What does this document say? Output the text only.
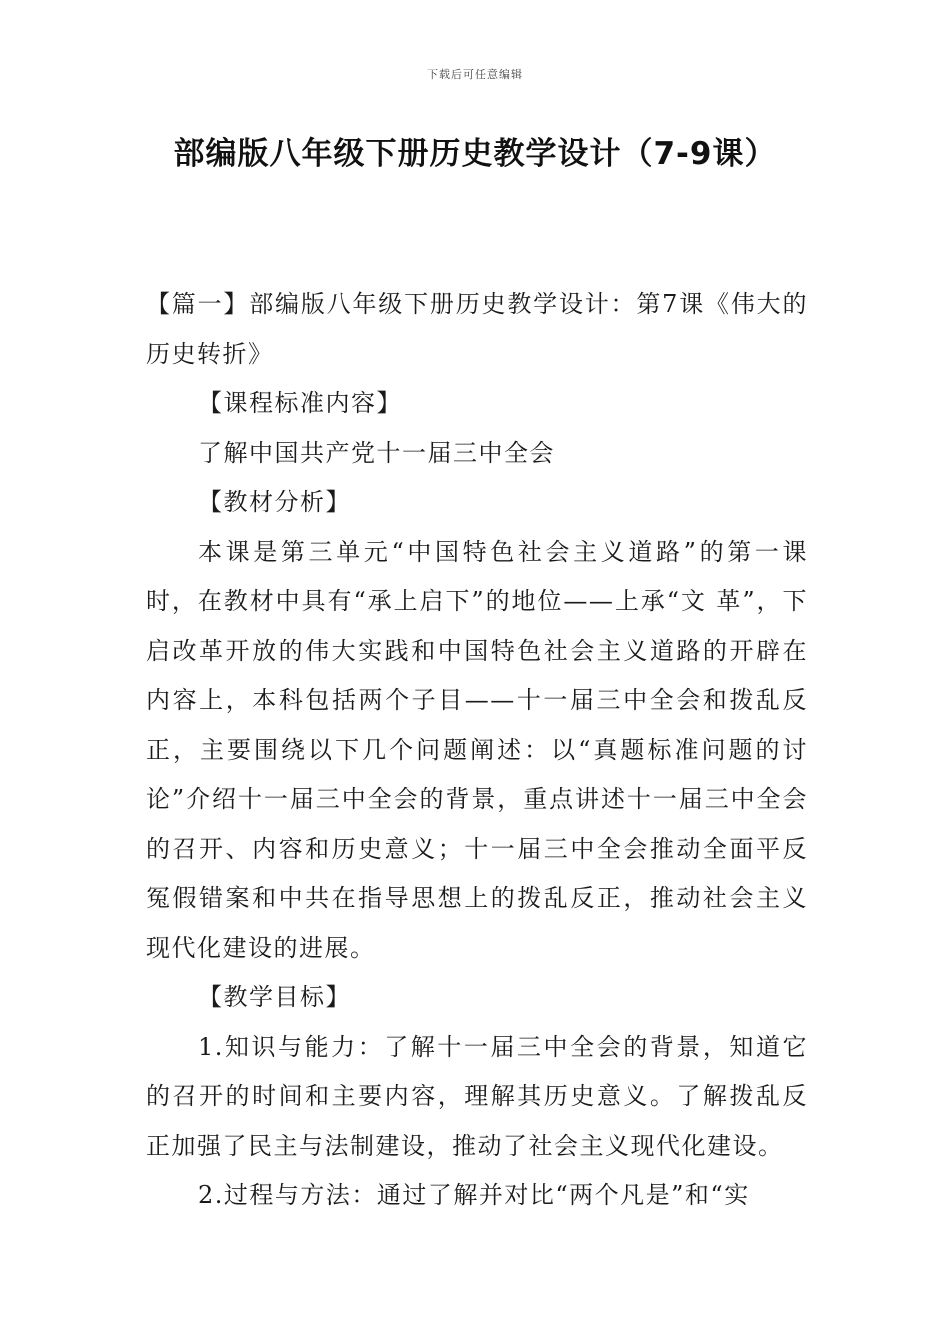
下载后可任意编辑
部编版八年级下册历史教学设计（7-9课）

【篇一】部编版八年级下册历史教学设计：第7课《伟大的历史转折》

【课程标准内容】

了解中国共产党十一届三中全会

【教材分析】

本课是第三单元“中国特色社会主义道路”的第一课时，在教材中具有“承上启下”的地位——上承“文 革”，下启改革开放的伟大实践和中国特色社会主义道路的开辟在内容上，本科包括两个子目——十一届三中全会和拨乱反正，主要围绕以下几个问题阐述：以“真题标准问题的讨论”介绍十一届三中全会的背景，重点讲述十一届三中全会的召开、内容和历史意义；十一届三中全会推动全面平反冤假错案和中共在指导思想上的拨乱反正，推动社会主义现代化建设的进展。

【教学目标】

1.知识与能力：了解十一届三中全会的背景，知道它的召开的时间和主要内容，理解其历史意义。了解拨乱反正加强了民主与法制建设，推动了社会主义现代化建设。

2.过程与方法：通过了解并对比“两个凡是”和“实
